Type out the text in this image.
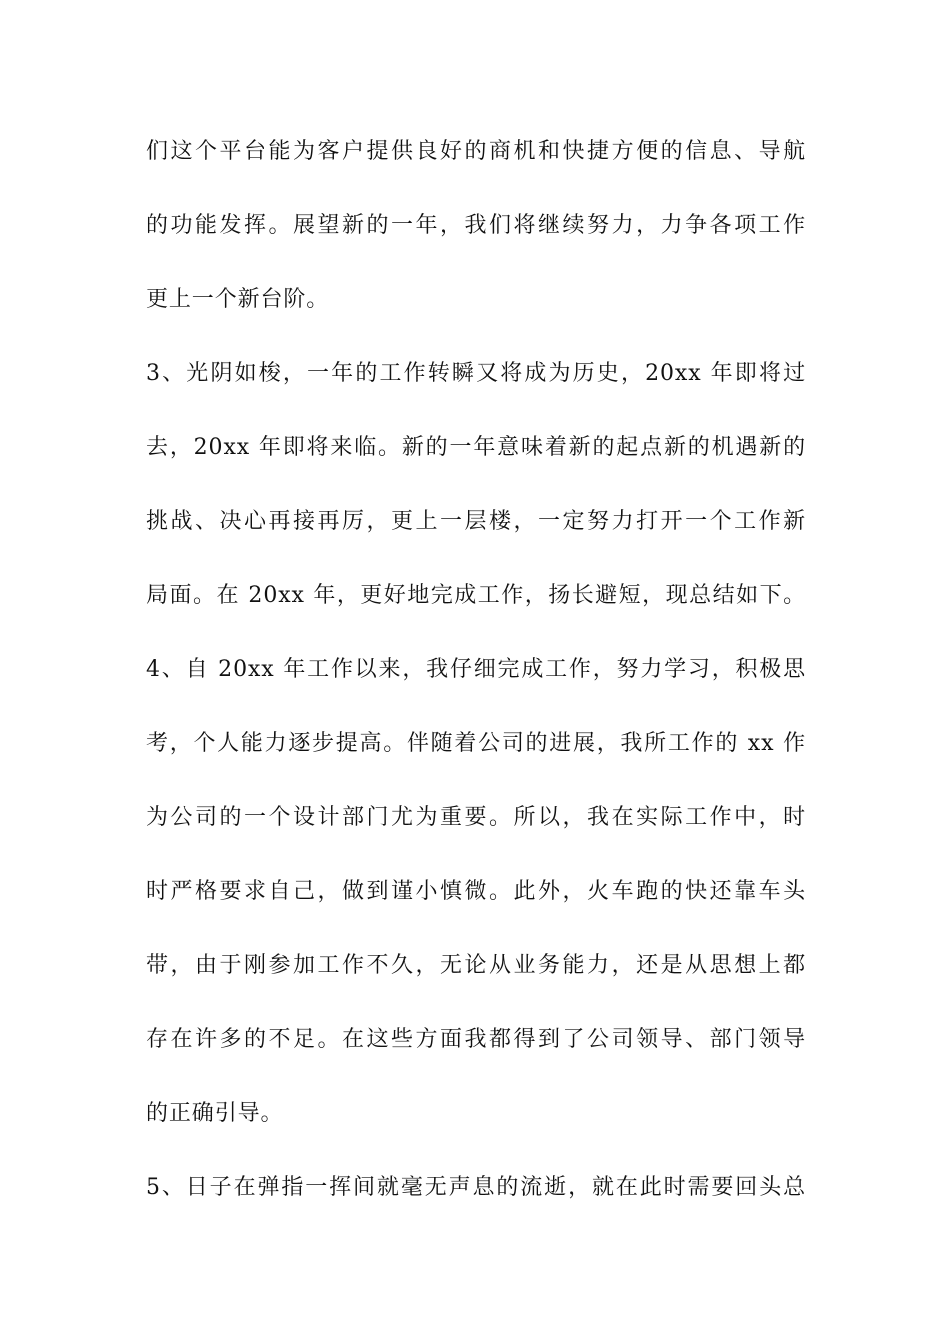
们这个平台能为客户提供良好的商机和快捷方便的信息、导航
的功能发挥。展望新的一年，我们将继续努力，力争各项工作
更上一个新台阶。
3、光阴如梭，一年的工作转瞬又将成为历史，20xx 年即将过
去，20xx 年即将来临。新的一年意味着新的起点新的机遇新的
挑战、决心再接再厉，更上一层楼，一定努力打开一个工作新
局面。在 20xx 年，更好地完成工作，扬长避短，现总结如下。
4、自 20xx 年工作以来，我仔细完成工作，努力学习，积极思
考，个人能力逐步提高。伴随着公司的进展，我所工作的 xx 作
为公司的一个设计部门尤为重要。所以，我在实际工作中，时
时严格要求自己，做到谨小慎微。此外，火车跑的快还靠车头
带，由于刚参加工作不久，无论从业务能力，还是从思想上都
存在许多的不足。在这些方面我都得到了公司领导、部门领导
的正确引导。
5、日子在弹指一挥间就毫无声息的流逝，就在此时需要回头总
